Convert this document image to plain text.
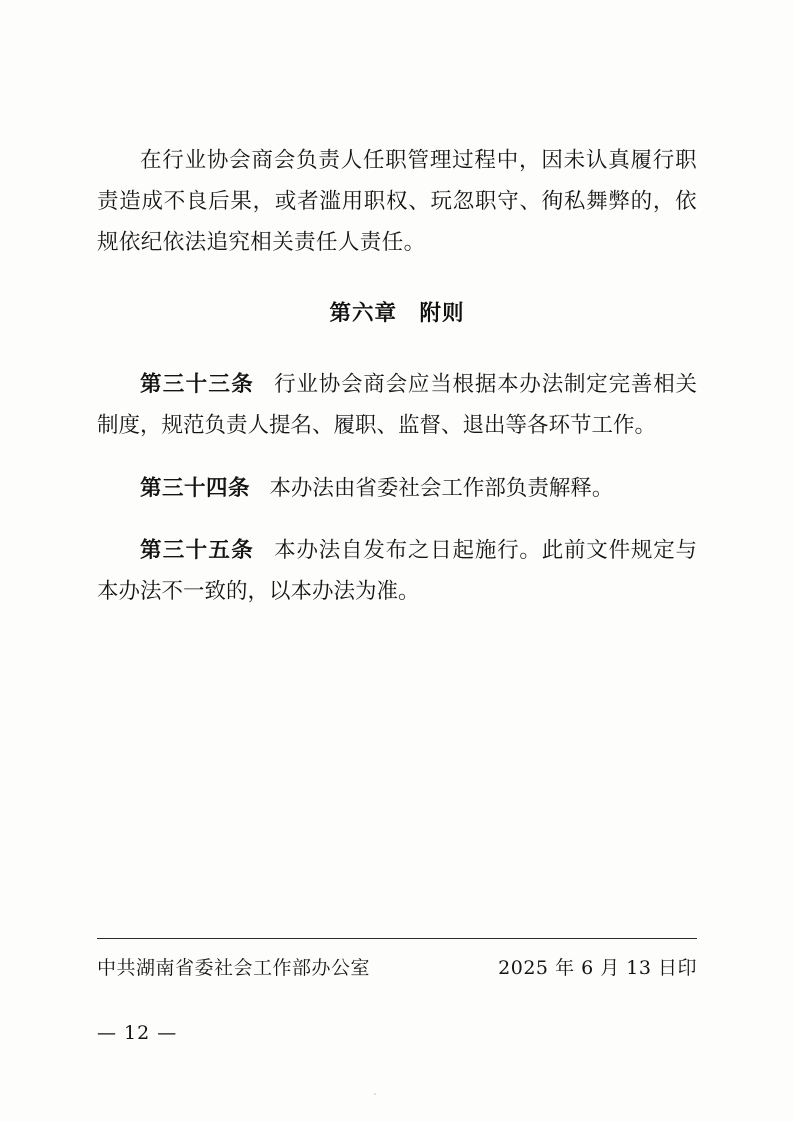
在行业协会商会负责人任职管理过程中，因未认真履行职责造成不良后果，或者滥用职权、玩忽职守、徇私舞弊的，依规依纪依法追究相关责任人责任。

第六章　附则

第三十三条 行业协会商会应当根据本办法制定完善相关制度，规范负责人提名、履职、监督、退出等各环节工作。

第三十四条 本办法由省委社会工作部负责解释。

第三十五条 本办法自发布之日起施行。此前文件规定与本办法不一致的，以本办法为准。

中共湖南省委社会工作部办公室	2025 年 6 月 13 日印
— 12 —
